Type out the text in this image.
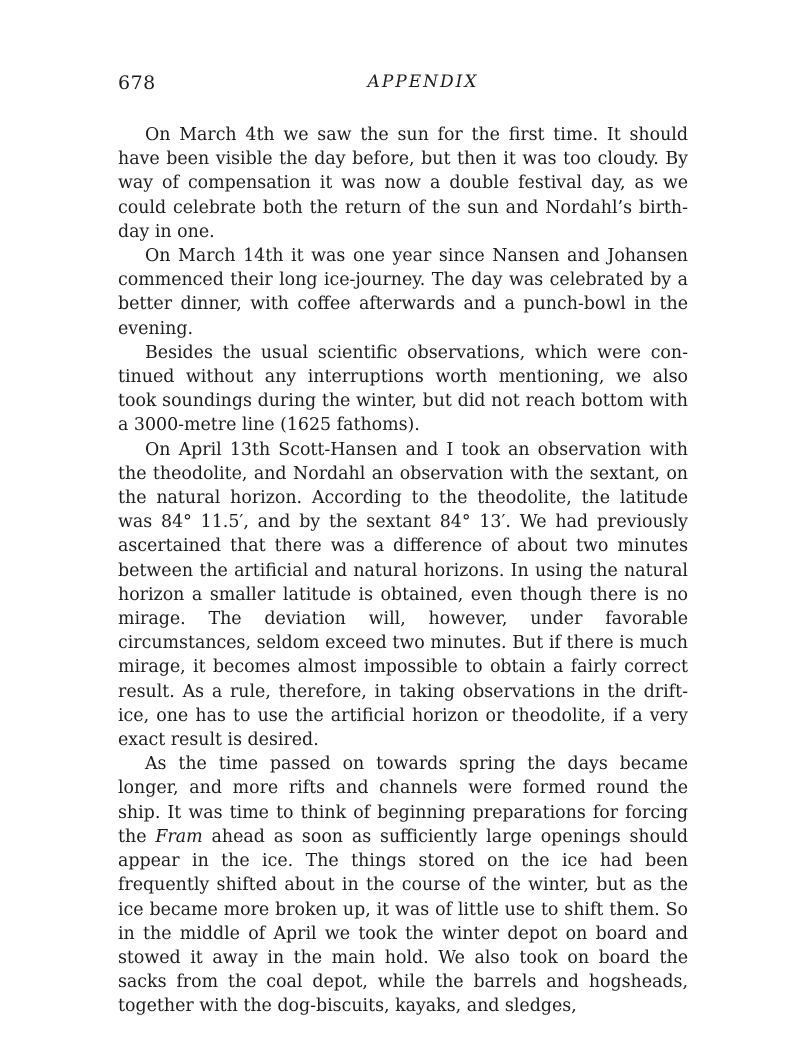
678	APPENDIX

On March 4th we saw the sun for the first time. It should have been visible the day before, but then it was too cloudy. By way of compensation it was now a double festival day, as we could celebrate both the return of the sun and Nordahl’s birthday in one.

On March 14th it was one year since Nansen and Johansen commenced their long ice-journey. The day was celebrated by a better dinner, with coffee afterwards and a punch-bowl in the evening.

Besides the usual scientific observations, which were continued without any interruptions worth mentioning, we also took soundings during the winter, but did not reach bottom with a 3000-metre line (1625 fathoms).

On April 13th Scott-Hansen and I took an observation with the theodolite, and Nordahl an observation with the sextant, on the natural horizon. According to the theodolite, the latitude was 84° 11.5′, and by the sextant 84° 13′. We had previously ascertained that there was a difference of about two minutes between the artificial and natural horizons. In using the natural horizon a smaller latitude is obtained, even though there is no mirage. The deviation will, however, under favorable circumstances, seldom exceed two minutes. But if there is much mirage, it becomes almost impossible to obtain a fairly correct result. As a rule, therefore, in taking observations in the drift-ice, one has to use the artificial horizon or theodolite, if a very exact result is desired.

As the time passed on towards spring the days became longer, and more rifts and channels were formed round the ship. It was time to think of beginning preparations for forcing the Fram ahead as soon as sufficiently large openings should appear in the ice. The things stored on the ice had been frequently shifted about in the course of the winter, but as the ice became more broken up, it was of little use to shift them. So in the middle of April we took the winter depot on board and stowed it away in the main hold. We also took on board the sacks from the coal depot, while the barrels and hogsheads, together with the dog-biscuits, kayaks, and sledges,
